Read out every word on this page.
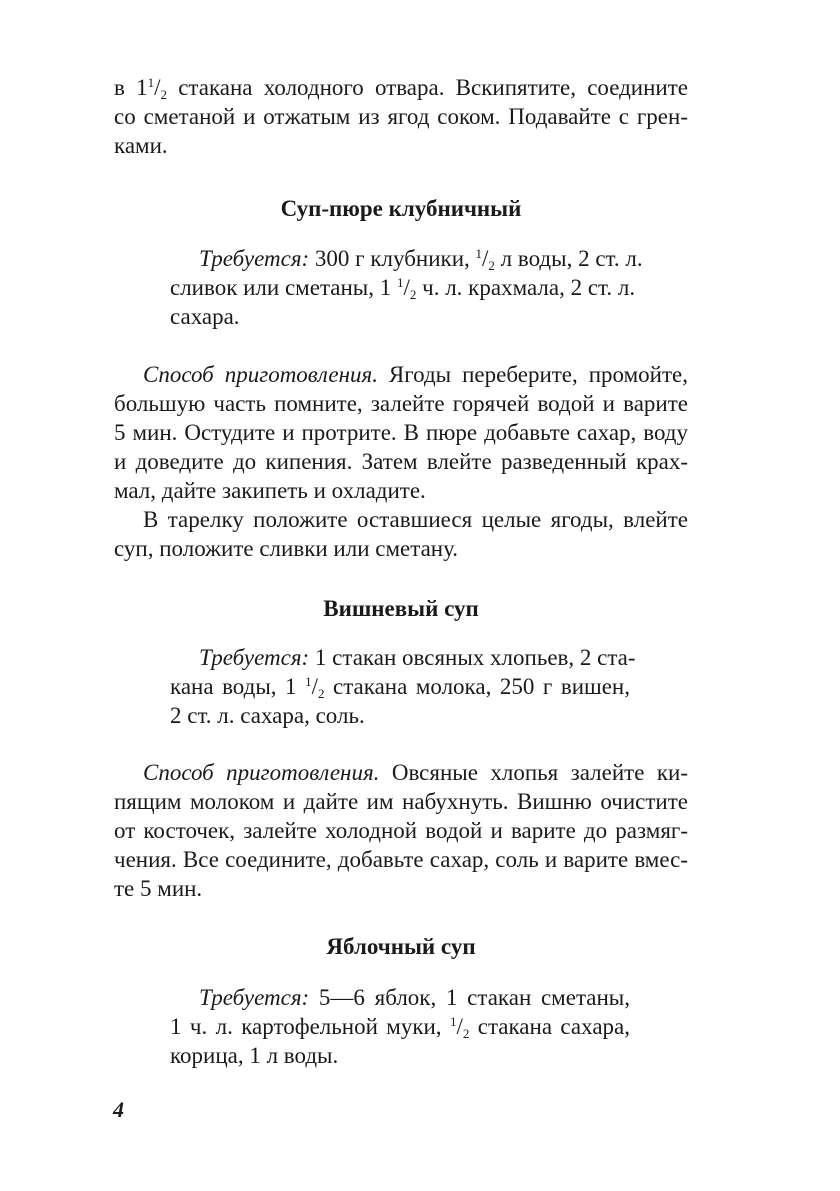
в $1^1/_2$ стакана холодного отвара. Вскипятите, соедините
со сметаной и отжатым из ягод соком. Подавайте с грен-
ками.
Суп-пюре клубничный
Требуется: 300 г клубники, $^1/_2$ л воды, 2 ст. л.
сливок или сметаны, 1 $^1/_2$ ч. л. крахмала, 2 ст. л.
сахара.
Способ приготовления. Ягоды переберите, промойте,
большую часть помните, залейте горячей водой и варите
5 мин. Остудите и протрите. В пюре добавьте сахар, воду
и доведите до кипения. Затем влейте разведенный крах-
мал, дайте закипеть и охладите.
В тарелку положите оставшиеся целые ягоды, влейте
суп, положите сливки или сметану.
Вишневый суп
Требуется: 1 стакан овсяных хлопьев, 2 ста-
кана воды, 1 $^1/_2$ стакана молока, 250 г вишен,
2 ст. л. сахара, соль.
Способ приготовления. Овсяные хлопья залейте ки-
пящим молоком и дайте им набухнуть. Вишню очистите
от косточек, залейте холодной водой и варите до размяг-
чения. Все соедините, добавьте сахар, соль и варите вмес-
те 5 мин.
Яблочный суп
Требуется: 5—6 яблок, 1 стакан сметаны,
1 ч. л. картофельной муки, $^1/_2$ стакана сахара,
корица, 1 л воды.
4
